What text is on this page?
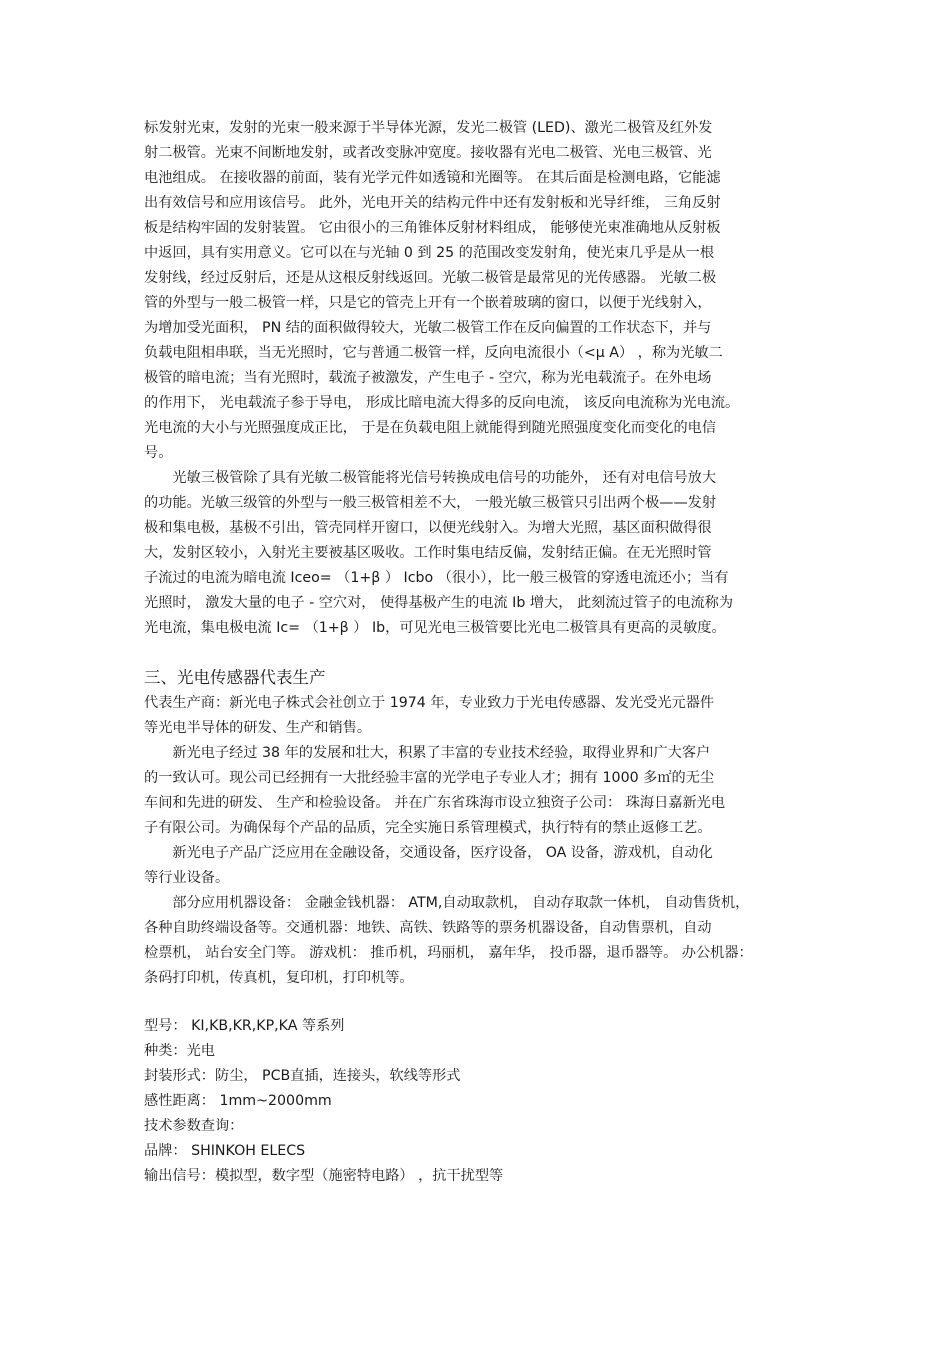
标发射光束，发射的光束一般来源于半导体光源，发光二极管 (LED)、激光二极管及红外发
射二极管。光束不间断地发射，或者改变脉冲宽度。接收器有光电二极管、光电三极管、光
电池组成。 在接收器的前面，装有光学元件如透镜和光圈等。 在其后面是检测电路，它能滤
出有效信号和应用该信号。 此外，光电开关的结构元件中还有发射板和光导纤维， 三角反射
板是结构牢固的发射装置。 它由很小的三角锥体反射材料组成， 能够使光束准确地从反射板
中返回，具有实用意义。它可以在与光轴 0 到 25 的范围改变发射角，使光束几乎是从一根
发射线，经过反射后，还是从这根反射线返回。光敏二极管是最常见的光传感器。 光敏二极
管的外型与一般二极管一样，只是它的管壳上开有一个嵌着玻璃的窗口，以便于光线射入，
为增加受光面积， PN 结的面积做得较大，光敏二极管工作在反向偏置的工作状态下，并与
负载电阻相串联，当无光照时，它与普通二极管一样，反向电流很小（<μ A） ，称为光敏二
极管的暗电流；当有光照时，载流子被激发，产生电子 - 空穴，称为光电载流子。在外电场
的作用下， 光电载流子参于导电， 形成比暗电流大得多的反向电流， 该反向电流称为光电流。
光电流的大小与光照强度成正比， 于是在负载电阻上就能得到随光照强度变化而变化的电信
号。
　　光敏三极管除了具有光敏二极管能将光信号转换成电信号的功能外， 还有对电信号放大
的功能。光敏三级管的外型与一般三极管相差不大， 一般光敏三极管只引出两个极——发射
极和集电极，基极不引出，管壳同样开窗口，以便光线射入。为增大光照，基区面积做得很
大，发射区较小，入射光主要被基区吸收。工作时集电结反偏，发射结正偏。在无光照时管
子流过的电流为暗电流 Iceo= （1+β ） Icbo （很小），比一般三极管的穿透电流还小；当有
光照时， 激发大量的电子 - 空穴对， 使得基极产生的电流 Ib 增大， 此刻流过管子的电流称为
光电流，集电极电流 Ic= （1+β ） Ib，可见光电三极管要比光电二极管具有更高的灵敏度。
三、光电传感器代表生产
代表生产商：新光电子株式会社创立于 1974 年，专业致力于光电传感器、发光受光元器件
等光电半导体的研发、生产和销售。
　　新光电子经过 38 年的发展和壮大，积累了丰富的专业技术经验，取得业界和广大客户
的一致认可。现公司已经拥有一大批经验丰富的光学电子专业人才；拥有 1000 多㎡的无尘
车间和先进的研发、 生产和检验设备。 并在广东省珠海市设立独资子公司： 珠海日嘉新光电
子有限公司。为确保每个产品的品质，完全实施日系管理模式，执行特有的禁止返修工艺。
　　新光电子产品广泛应用在金融设备，交通设备，医疗设备， OA 设备，游戏机，自动化
等行业设备。
　　部分应用机器设备： 金融金钱机器： ATM,自动取款机， 自动存取款一体机， 自动售货机，
各种自助终端设备等。交通机器：地铁、高铁、铁路等的票务机器设备，自动售票机，自动
检票机， 站台安全门等。 游戏机： 推币机，玛丽机， 嘉年华， 投币器，退币器等。 办公机器：
条码打印机，传真机，复印机，打印机等。
型号： KI,KB,KR,KP,KA 等系列
种类：光电
封装形式：防尘， PCB直插，连接头，软线等形式
感性距离： 1mm~2000mm
技术参数查询：
品牌： SHINKOH ELECS
输出信号：模拟型，数字型（施密特电路） ，抗干扰型等
